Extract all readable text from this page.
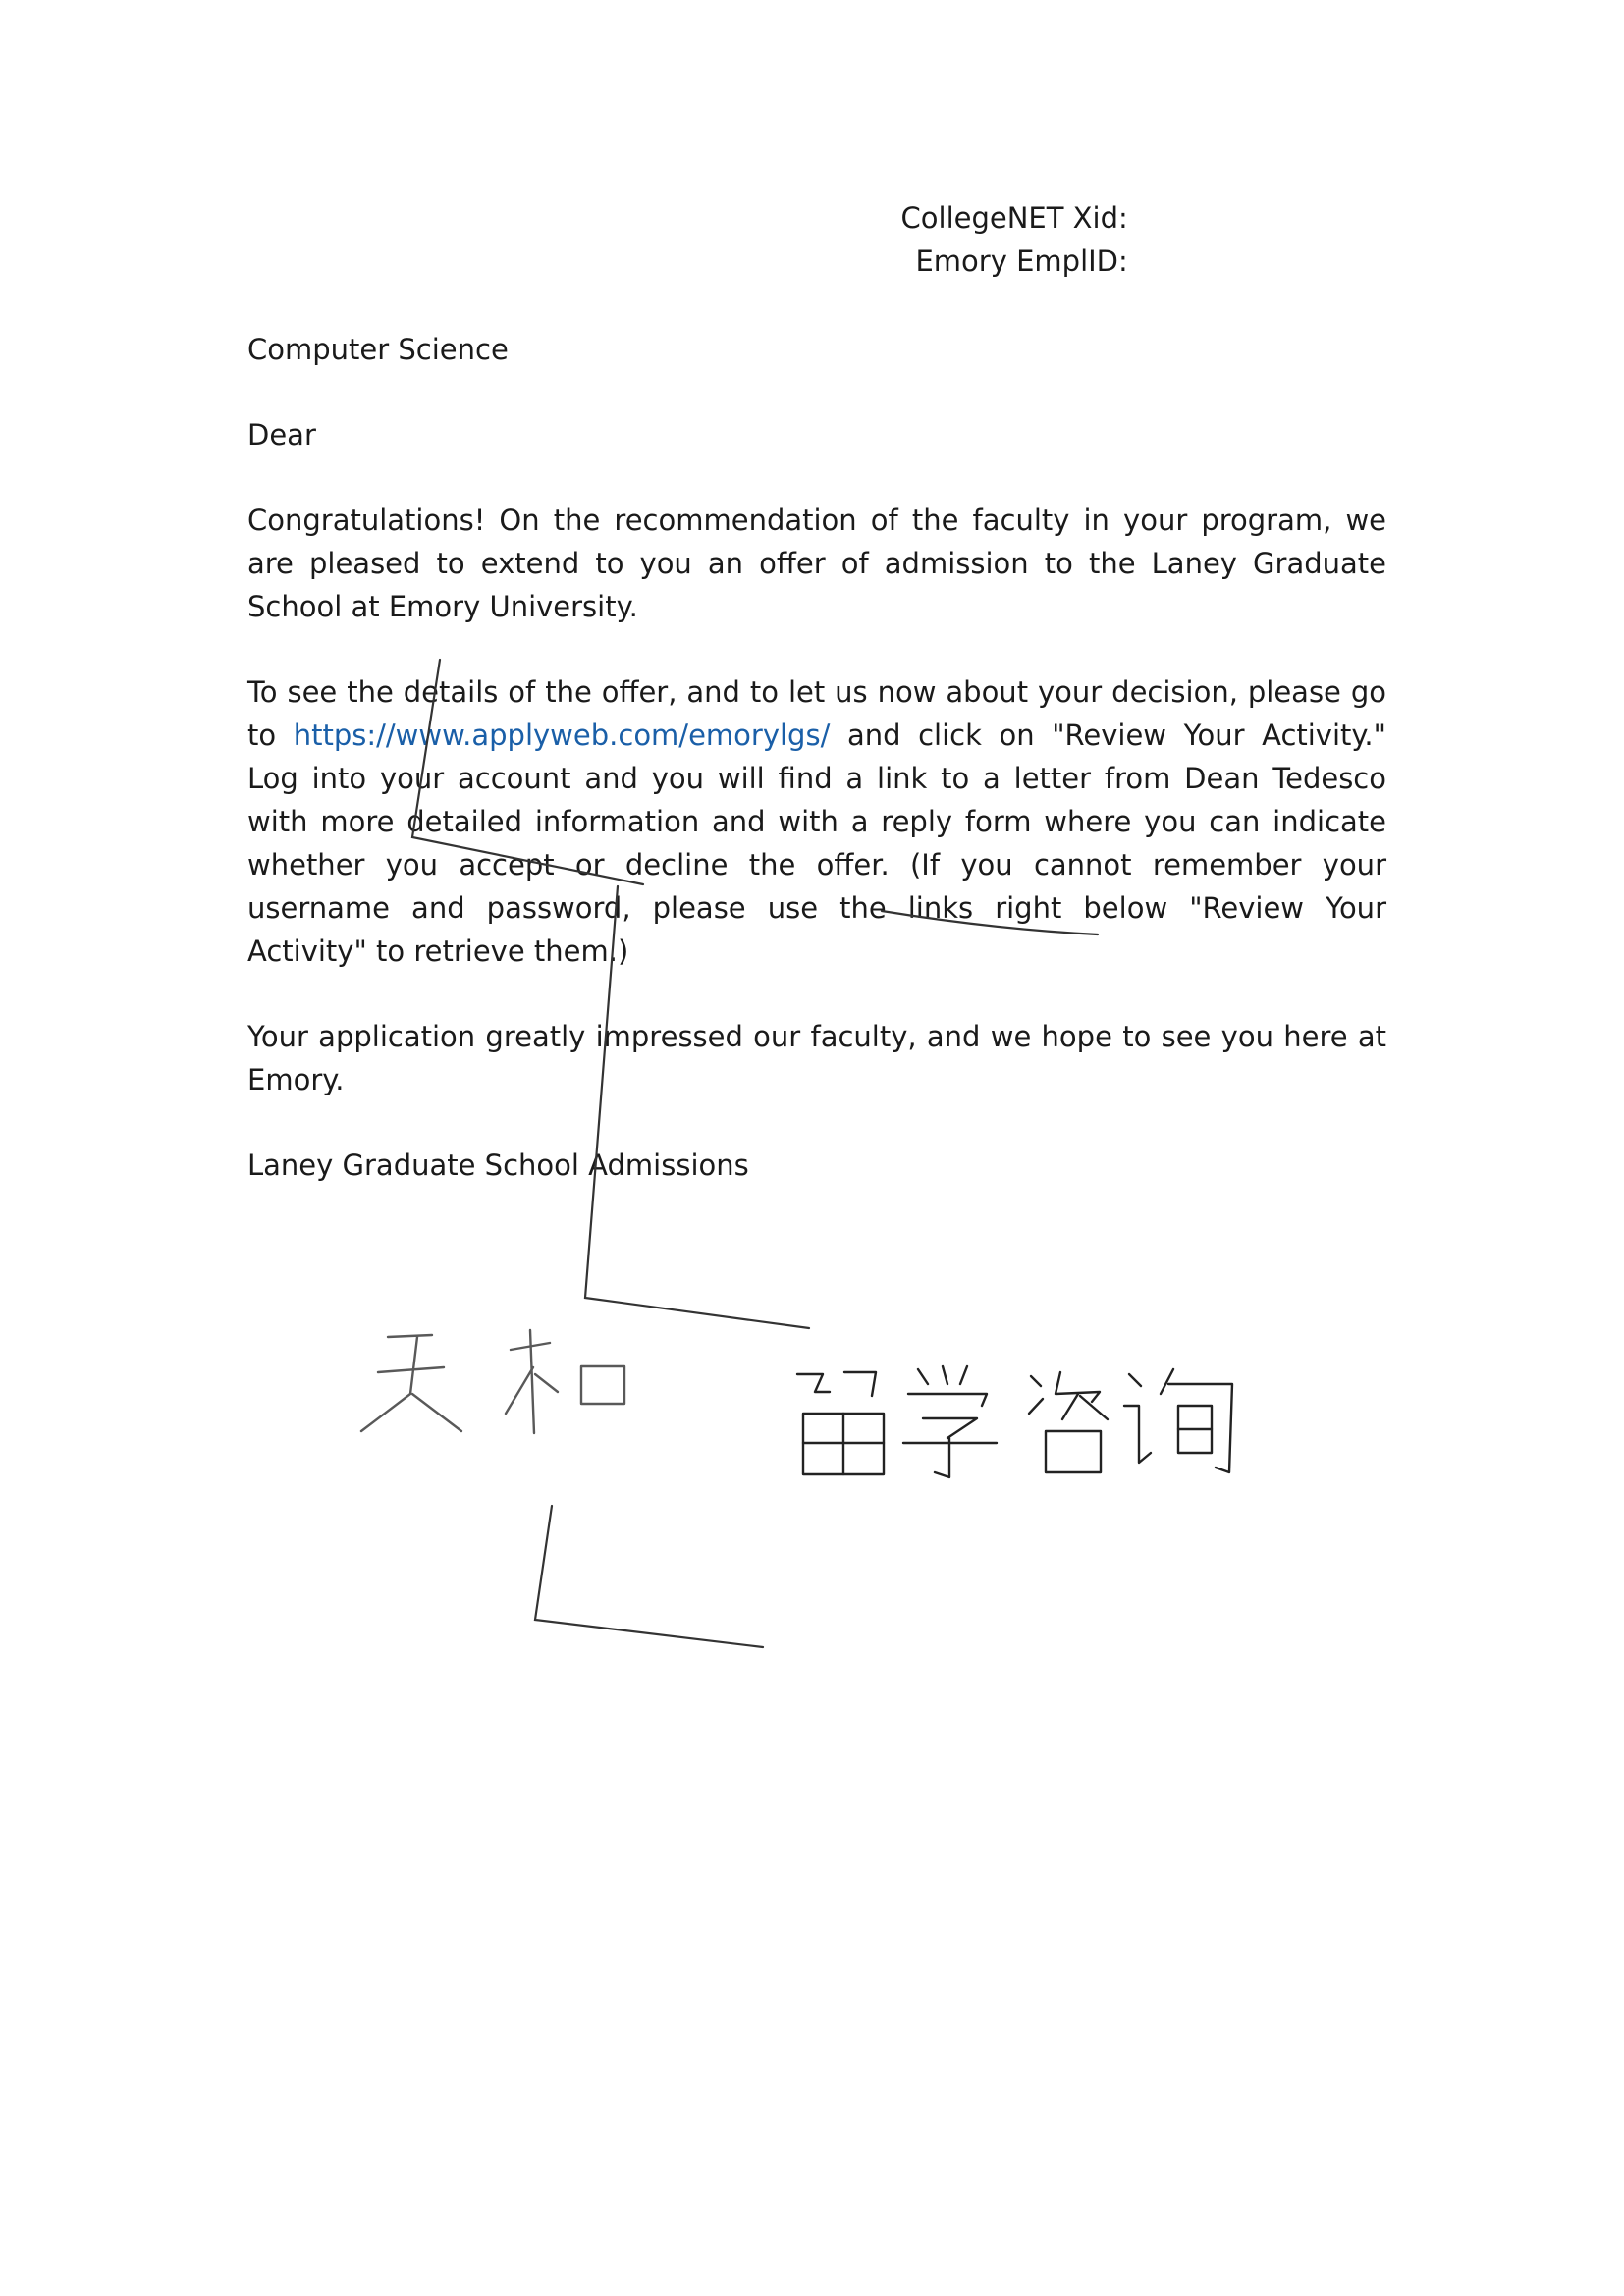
CollegeNET Xid:
Emory EmplID:

Computer Science

Dear

Congratulations! On the recommendation of the faculty in your program, we are pleased to extend to you an offer of admission to the Laney Graduate School at Emory University.

To see the details of the offer, and to let us now about your decision, please go to https://www.applyweb.com/emorylgs/ and click on "Review Your Activity." Log into your account and you will find a link to a letter from Dean Tedesco with more detailed information and with a reply form where you can indicate whether you accept or decline the offer. (If you cannot remember your username and password, please use the links right below "Review Your Activity" to retrieve them.)

Your application greatly impressed our faculty, and we hope to see you here at Emory.

Laney Graduate School Admissions
